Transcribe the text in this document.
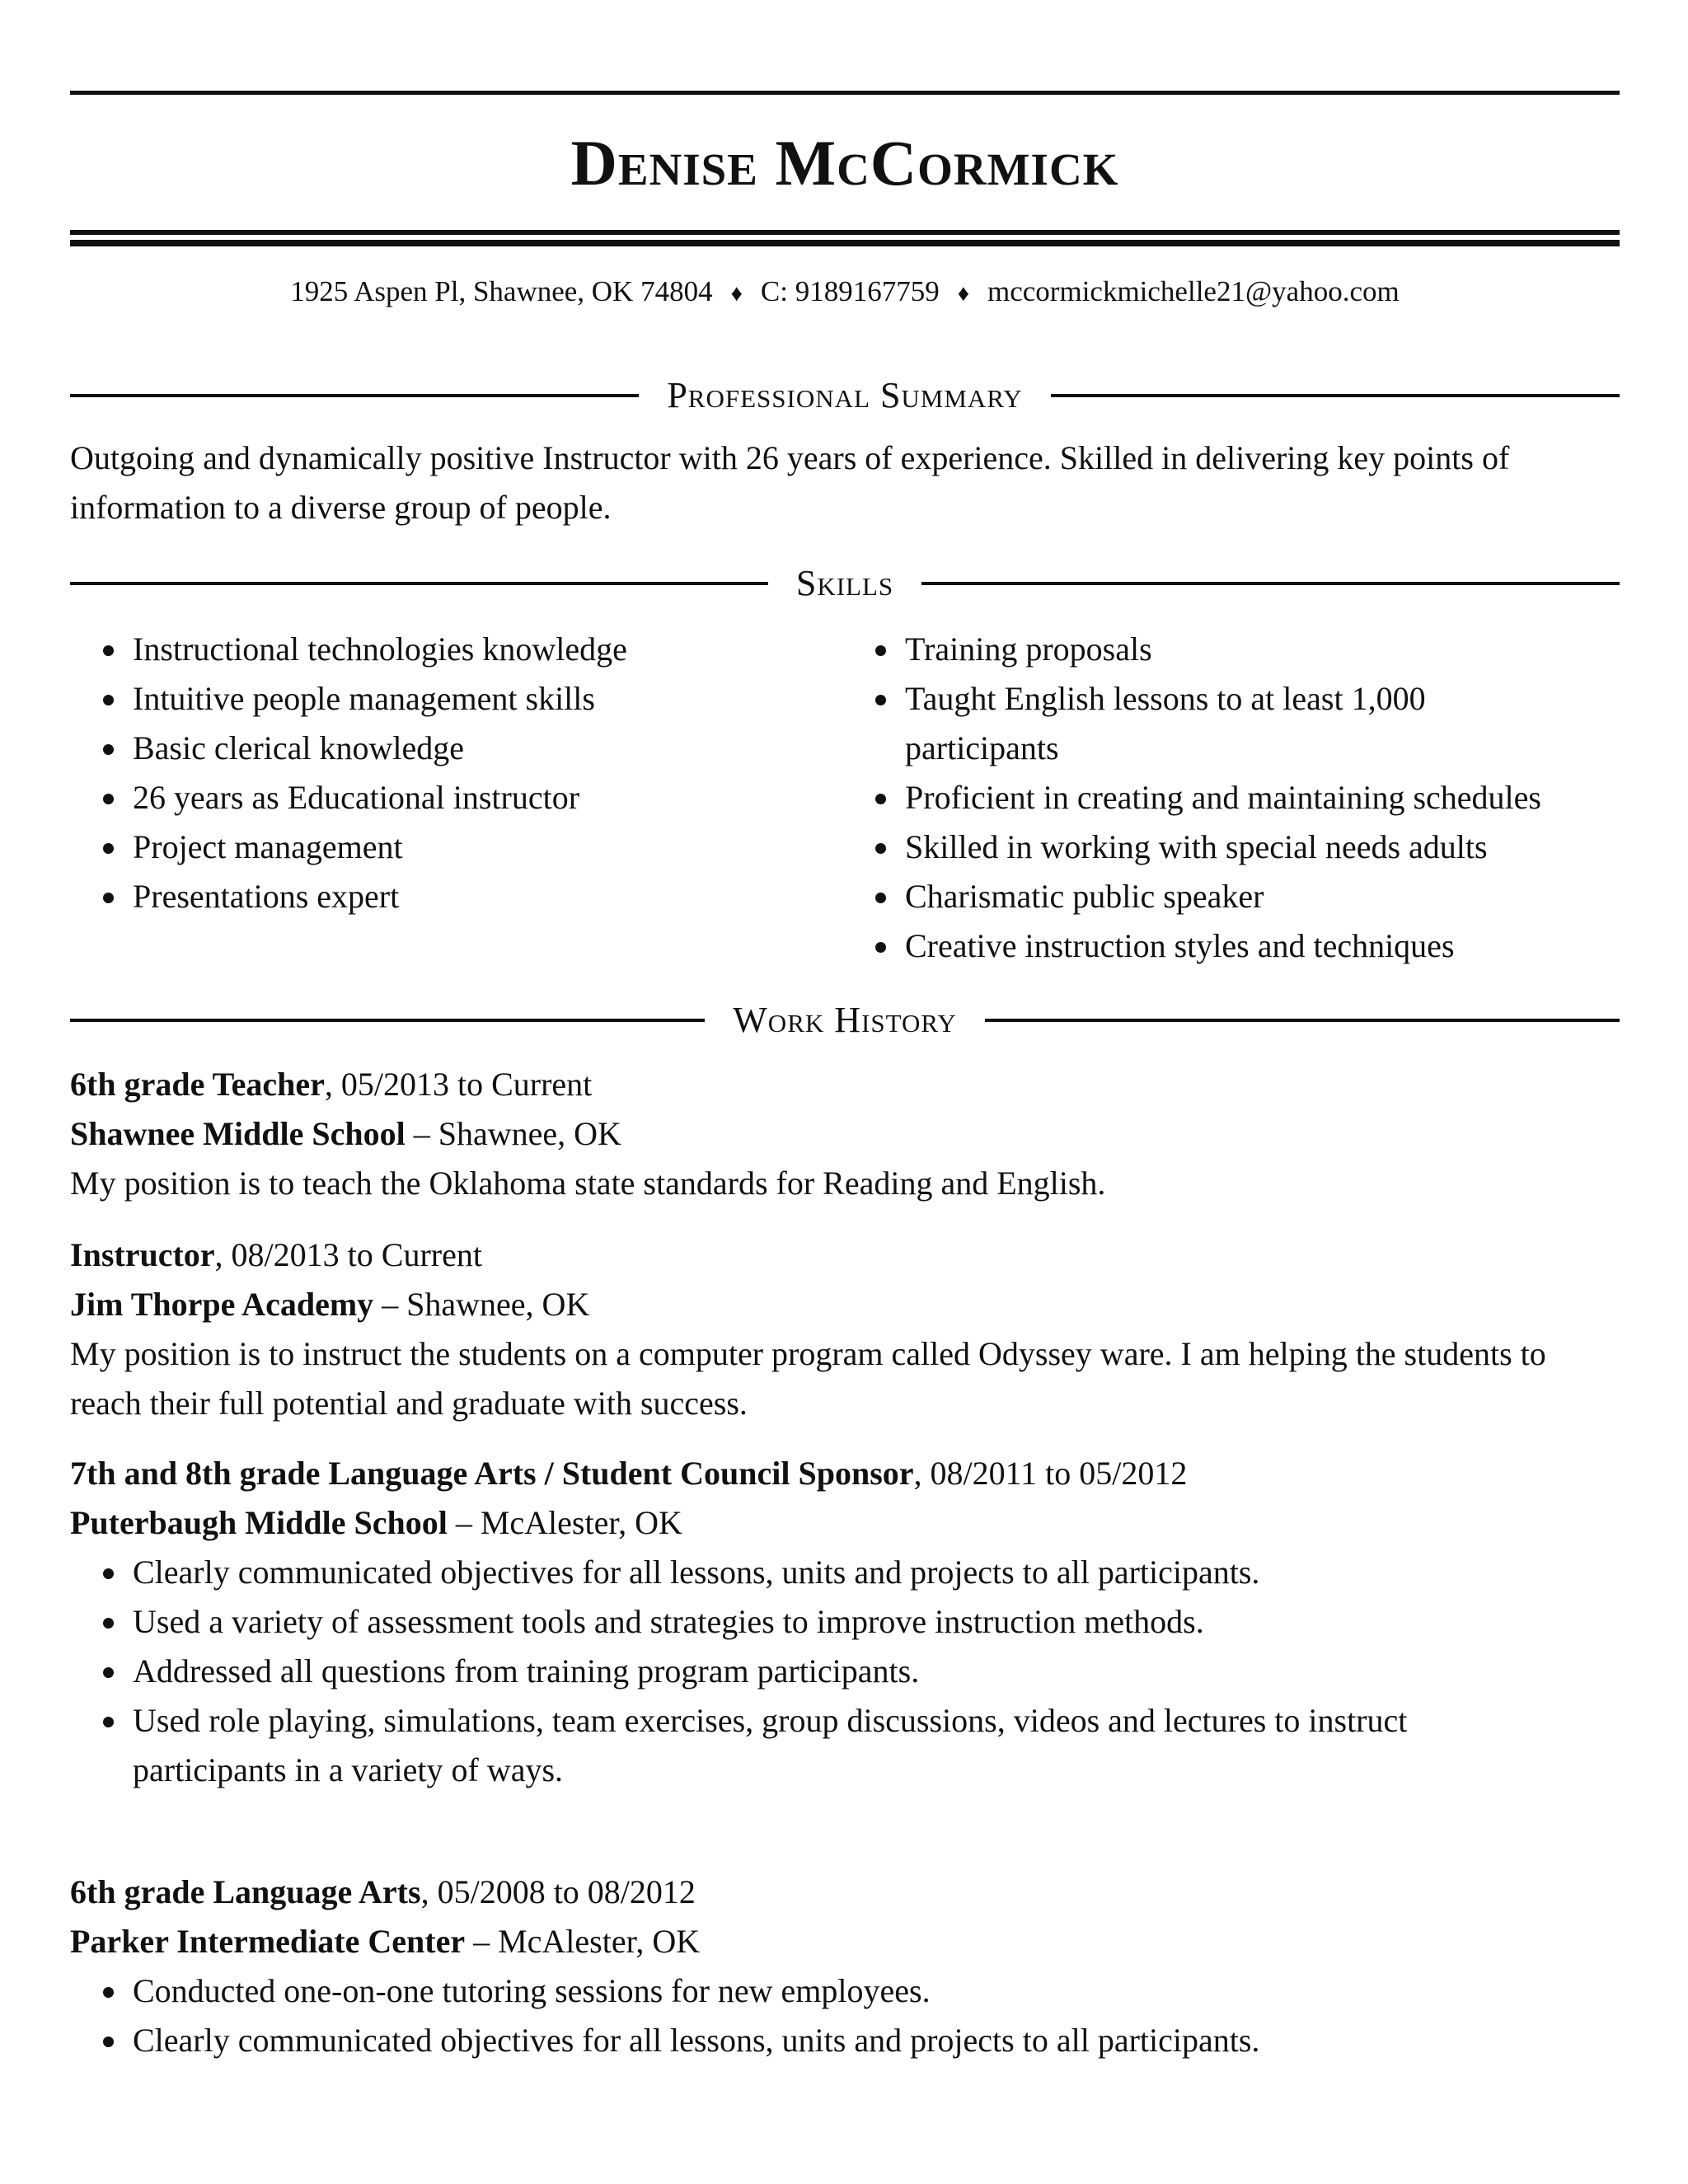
Denise McCormick
1925 Aspen Pl, Shawnee, OK 74804 ♦ C: 9189167759 ♦ mccormickmichelle21@yahoo.com
Professional Summary

Outgoing and dynamically positive Instructor with 26 years of experience. Skilled in delivering key points of information to a diverse group of people.

Skills
Instructional technologies knowledge
Intuitive people management skills
Basic clerical knowledge
26 years as Educational instructor
Project management
Presentations expert
Training proposals
Taught English lessons to at least 1,000 participants
Proficient in creating and maintaining schedules
Skilled in working with special needs adults
Charismatic public speaker
Creative instruction styles and techniques
Work History
6th grade Teacher, 05/2013 to Current
Shawnee Middle School – Shawnee, OK

My position is to teach the Oklahoma state standards for Reading and English.

Instructor, 08/2013 to Current
Jim Thorpe Academy – Shawnee, OK

My position is to instruct the students on a computer program called Odyssey ware. I am helping the students to reach their full potential and graduate with success.

7th and 8th grade Language Arts / Student Council Sponsor, 08/2011 to 05/2012
Puterbaugh Middle School – McAlester, OK
Clearly communicated objectives for all lessons, units and projects to all participants.
Used a variety of assessment tools and strategies to improve instruction methods.
Addressed all questions from training program participants.
Used role playing, simulations, team exercises, group discussions, videos and lectures to instruct participants in a variety of ways.
6th grade Language Arts, 05/2008 to 08/2012
Parker Intermediate Center – McAlester, OK
Conducted one-on-one tutoring sessions for new employees.
Clearly communicated objectives for all lessons, units and projects to all participants.
